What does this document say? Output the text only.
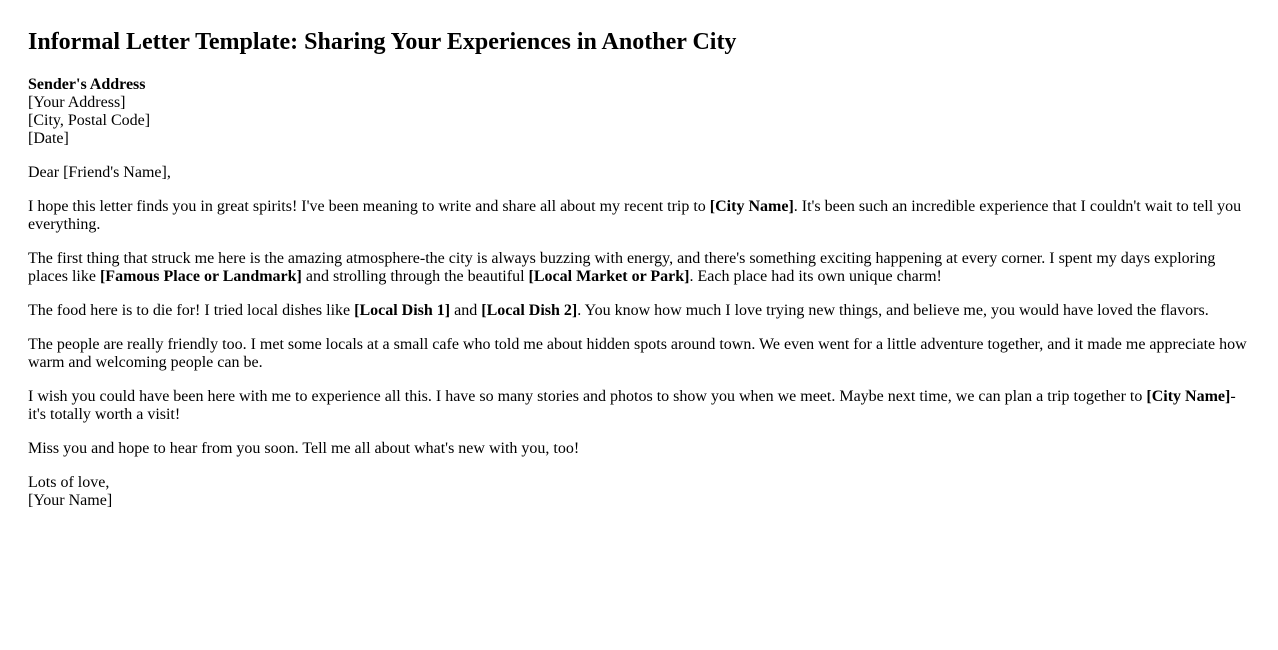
Informal Letter Template: Sharing Your Experiences in Another City
Sender's Address
[Your Address]
[City, Postal Code]
[Date]

Dear [Friend's Name],

I hope this letter finds you in great spirits! I've been meaning to write and share all about my recent trip to [City Name]. It's been such an incredible experience that I couldn't wait to tell you everything.

The first thing that struck me here is the amazing atmosphere-the city is always buzzing with energy, and there's something exciting happening at every corner. I spent my days exploring places like [Famous Place or Landmark] and strolling through the beautiful [Local Market or Park]. Each place had its own unique charm!

The food here is to die for! I tried local dishes like [Local Dish 1] and [Local Dish 2]. You know how much I love trying new things, and believe me, you would have loved the flavors.

The people are really friendly too. I met some locals at a small cafe who told me about hidden spots around town. We even went for a little adventure together, and it made me appreciate how warm and welcoming people can be.

I wish you could have been here with me to experience all this. I have so many stories and photos to show you when we meet. Maybe next time, we can plan a trip together to [City Name]-it's totally worth a visit!

Miss you and hope to hear from you soon. Tell me all about what's new with you, too!

Lots of love,
[Your Name]
